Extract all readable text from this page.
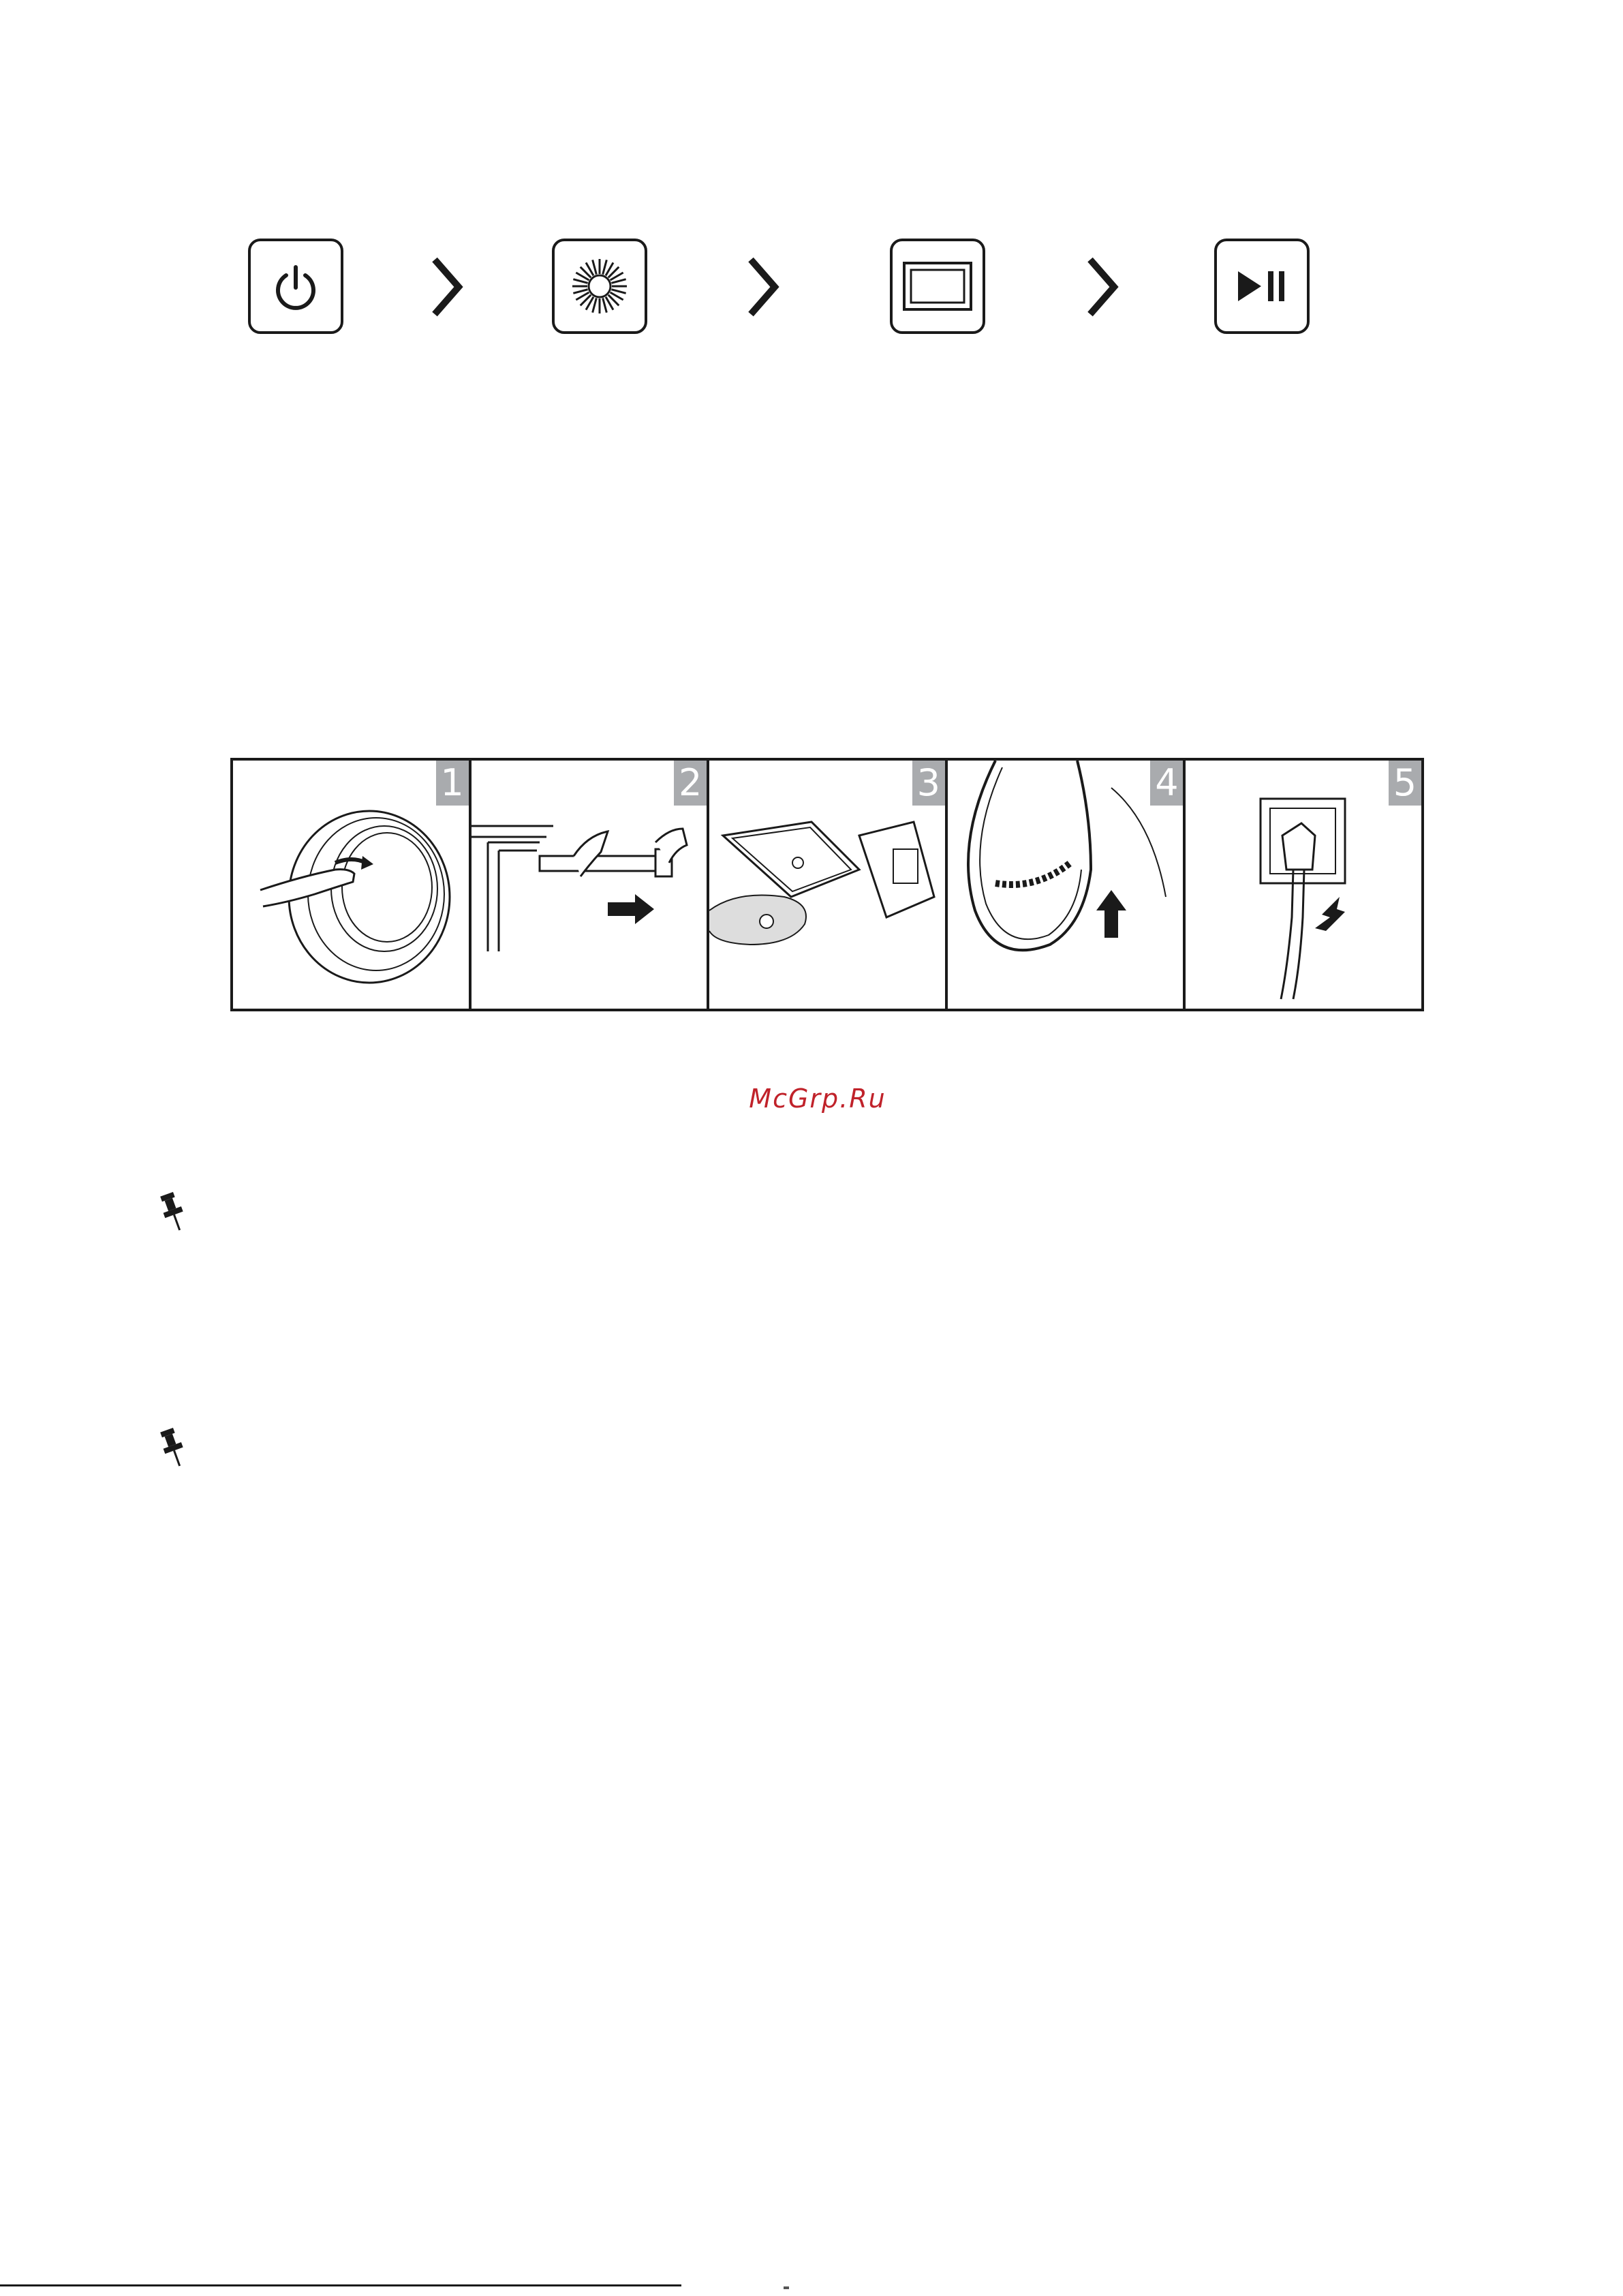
1	2	3	4	5
McGrp.Ru
